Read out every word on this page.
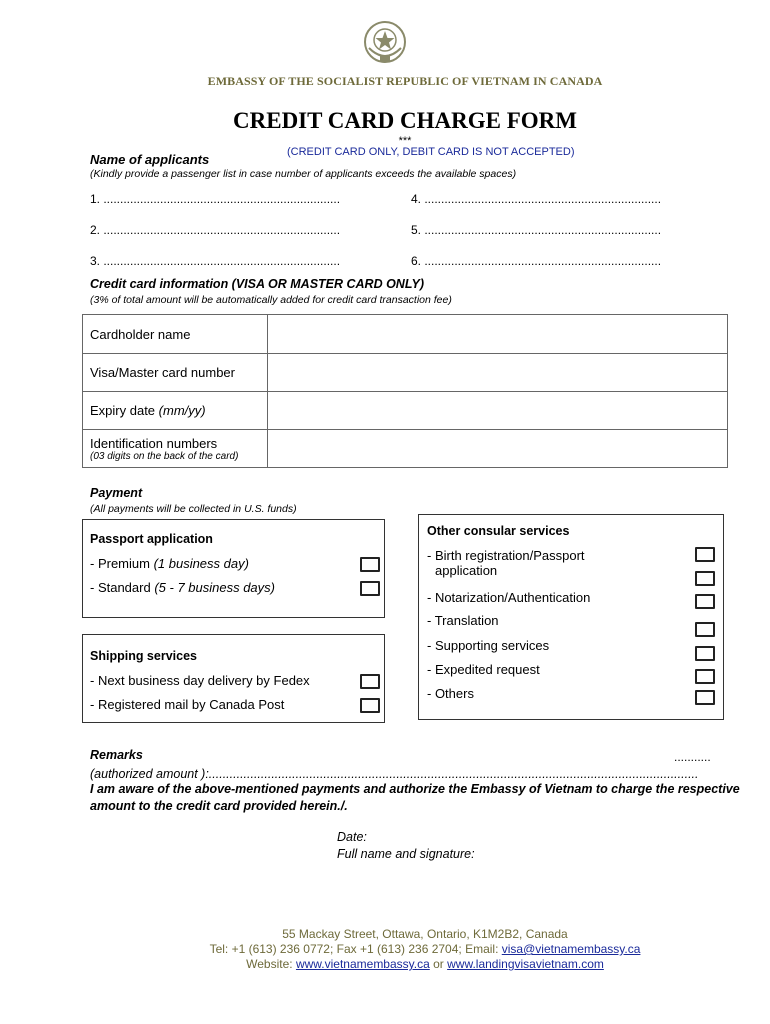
EMBASSY OF THE SOCIALIST REPUBLIC OF VIETNAM IN CANADA
CREDIT CARD CHARGE FORM
***
(CREDIT CARD ONLY, DEBIT CARD IS NOT ACCEPTED)
Name of applicants
(Kindly provide a passenger list in case number of applicants exceeds the available spaces)
1. .......................................................................	4. .......................................................................
2. .......................................................................	5. .......................................................................
3. .......................................................................	6. .......................................................................
Credit card information (VISA OR MASTER CARD ONLY)
(3% of total amount will be automatically added for credit card transaction fee)
Cardholder name	
Visa/Master card number	
Expiry date (mm/yy)	

Identification numbers
(03 digits on the back of the card)	

Payment
(All payments will be collected in U.S. funds)
Passport application
- Premium (1 business day)
- Standard (5 - 7 business days)
Shipping services
- Next business day delivery by Fedex
- Registered mail by Canada Post
Other consular services
- Birth registration/Passport
application
- Notarization/Authentication
- Translation
- Supporting services
- Expedited request
- Others
Remarks	...........
(authorized amount ):.............................................................................................................................................
I am aware of the above-mentioned payments and authorize the Embassy of Vietnam to charge the respective amount to the credit card provided herein./.
Date:
Full name and signature:
55 Mackay Street, Ottawa, Ontario, K1M2B2, Canada
Tel: +1 (613) 236 0772; Fax +1 (613) 236 2704; Email: visa@vietnamembassy.ca
Website: www.vietnamembassy.ca or www.landingvisavietnam.com
